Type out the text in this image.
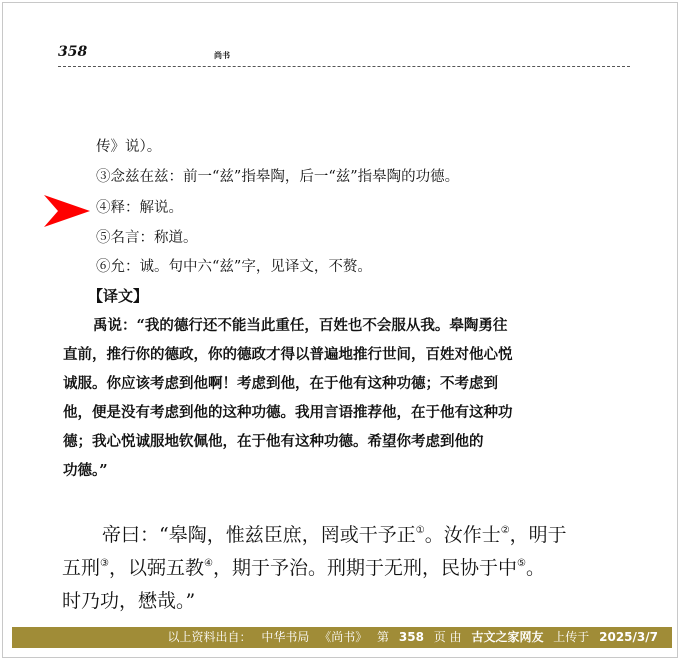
358	尚书
传》说）。
③念兹在兹：前一“兹”指皋陶，后一“兹”指皋陶的功德。
④释：解说。
⑤名言：称道。
⑥允：诚。句中六“兹”字，见译文，不赘。
【译文】
禹说：“我的德行还不能当此重任，百姓也不会服从我。皋陶勇往
直前，推行你的德政，你的德政才得以普遍地推行世间，百姓对他心悦
诚服。你应该考虑到他啊！考虑到他，在于他有这种功德；不考虑到
他，便是没有考虑到他的这种功德。我用言语推荐他，在于他有这种功
德；我心悦诚服地钦佩他，在于他有这种功德。希望你考虑到他的
功德。”
帝曰：“皋陶，惟兹臣庶，罔或干予正①。汝作士②，明于
五刑③，以弼五教④，期于予治。刑期于无刑，民协于中⑤。
时乃功，懋哉。”
以上资料出自： 中华书局 《尚书》 第 358 页 由 古文之家网友 上传于 2025/3/7
